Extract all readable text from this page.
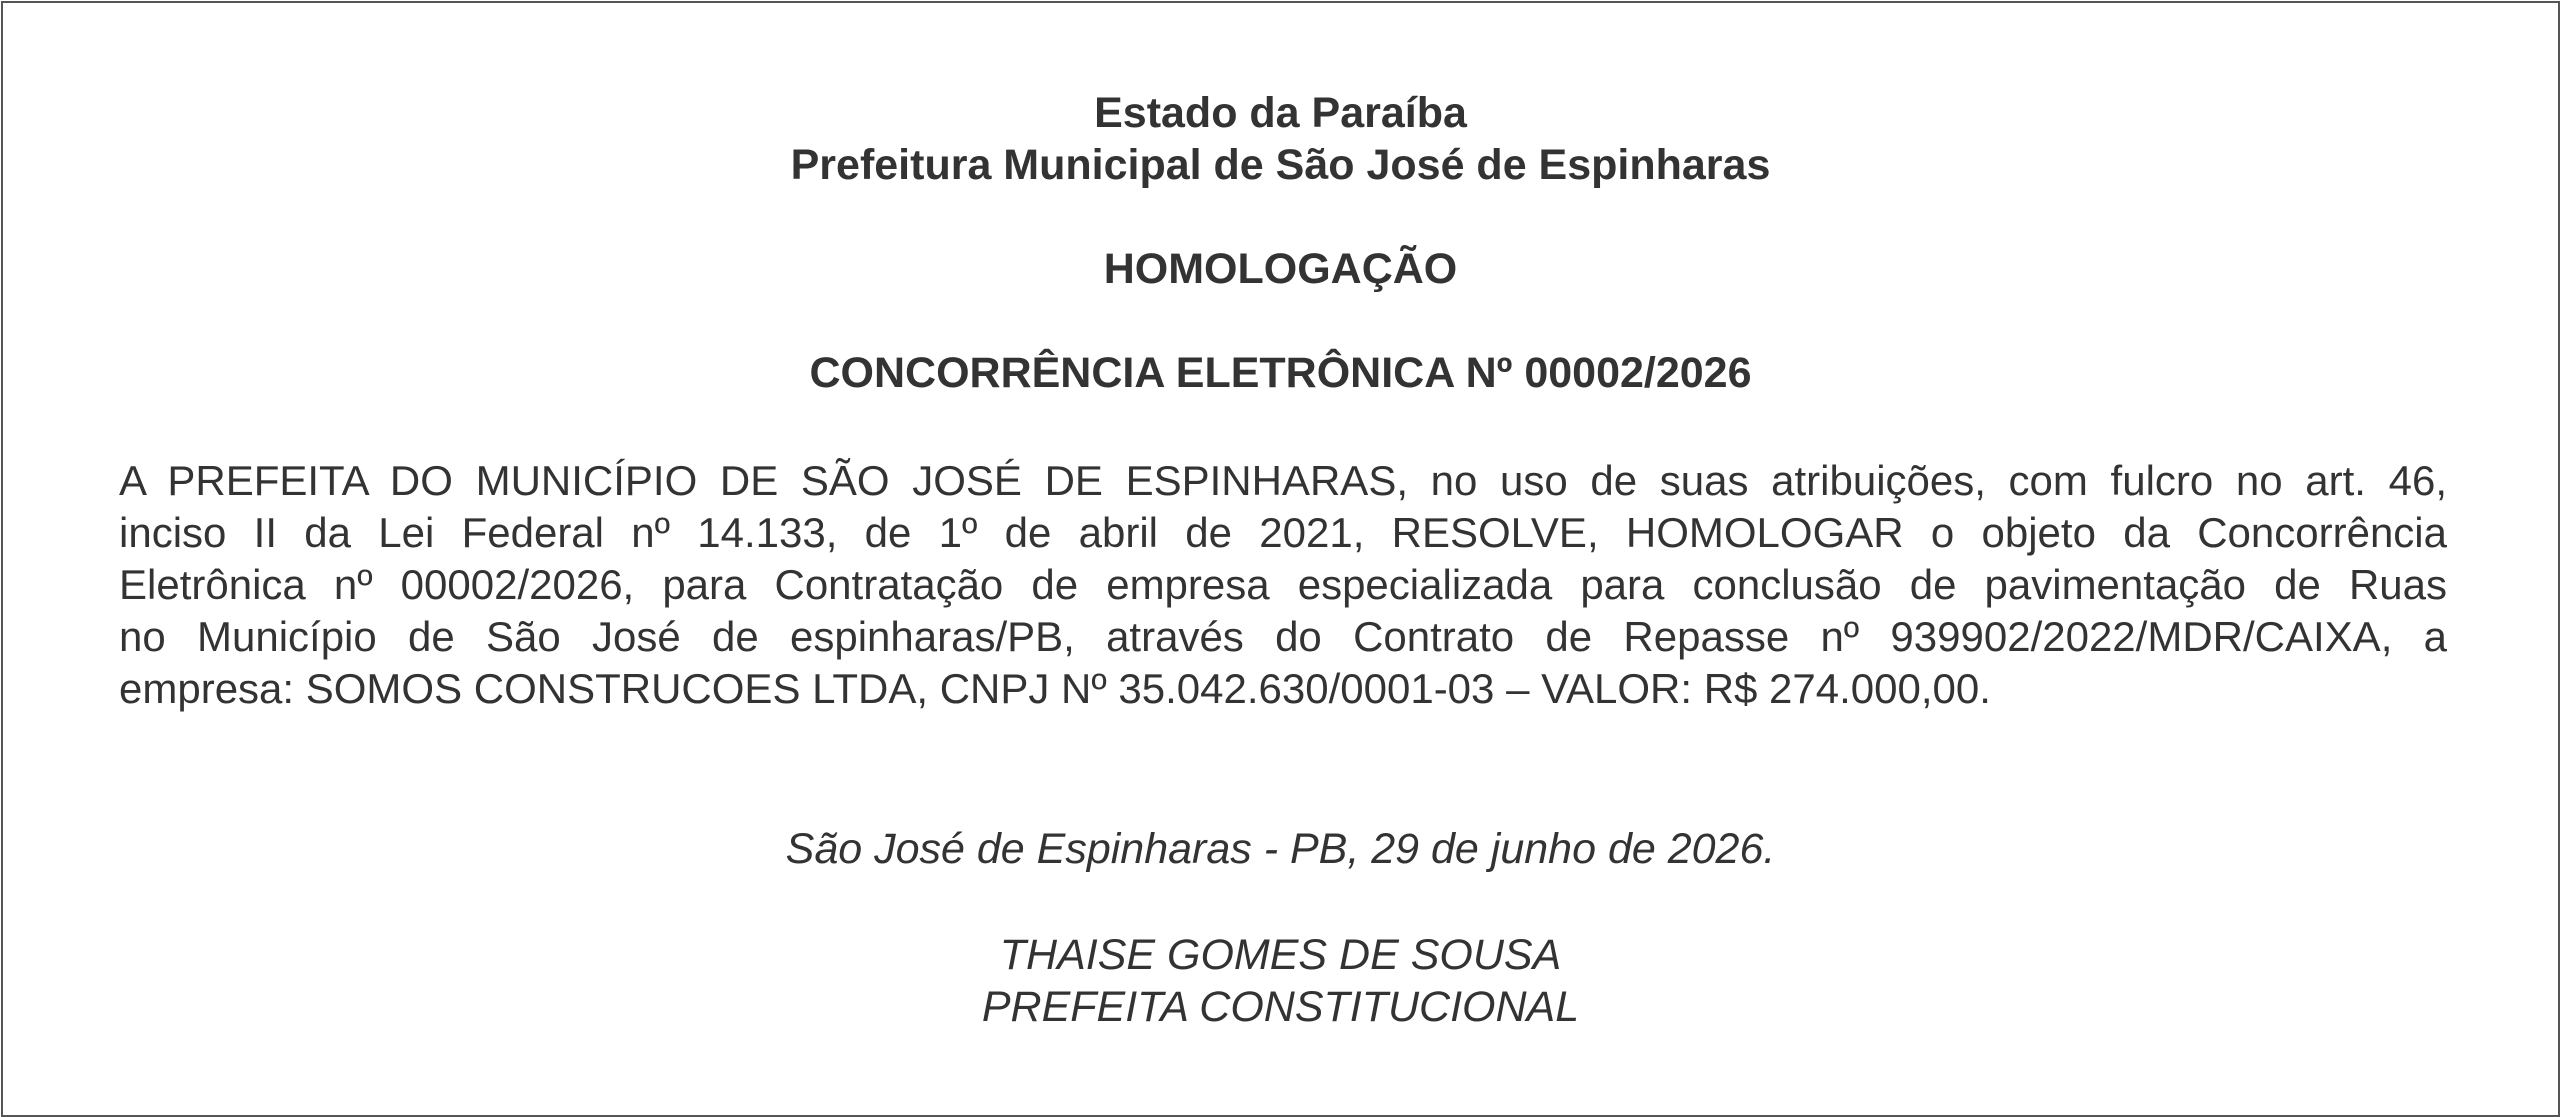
Estado da Paraíba
Prefeitura Municipal de São José de Espinharas
HOMOLOGAÇÃO
CONCORRÊNCIA ELETRÔNICA Nº 00002/2026
A PREFEITA DO MUNICÍPIO DE SÃO JOSÉ DE ESPINHARAS, no uso de suas atribuições, com fulcro no art. 46,
inciso II da Lei Federal nº 14.133, de 1º de abril de 2021, RESOLVE, HOMOLOGAR o objeto da Concorrência
Eletrônica nº 00002/2026, para Contratação de empresa especializada para conclusão de pavimentação de Ruas
no Município de São José de espinharas/PB, através do Contrato de Repasse nº 939902/2022/MDR/CAIXA, a
empresa: SOMOS CONSTRUCOES LTDA, CNPJ Nº 35.042.630/0001-03 – VALOR: R$ 274.000,00.
São José de Espinharas - PB, 29 de junho de 2026.
THAISE GOMES DE SOUSA
PREFEITA CONSTITUCIONAL
